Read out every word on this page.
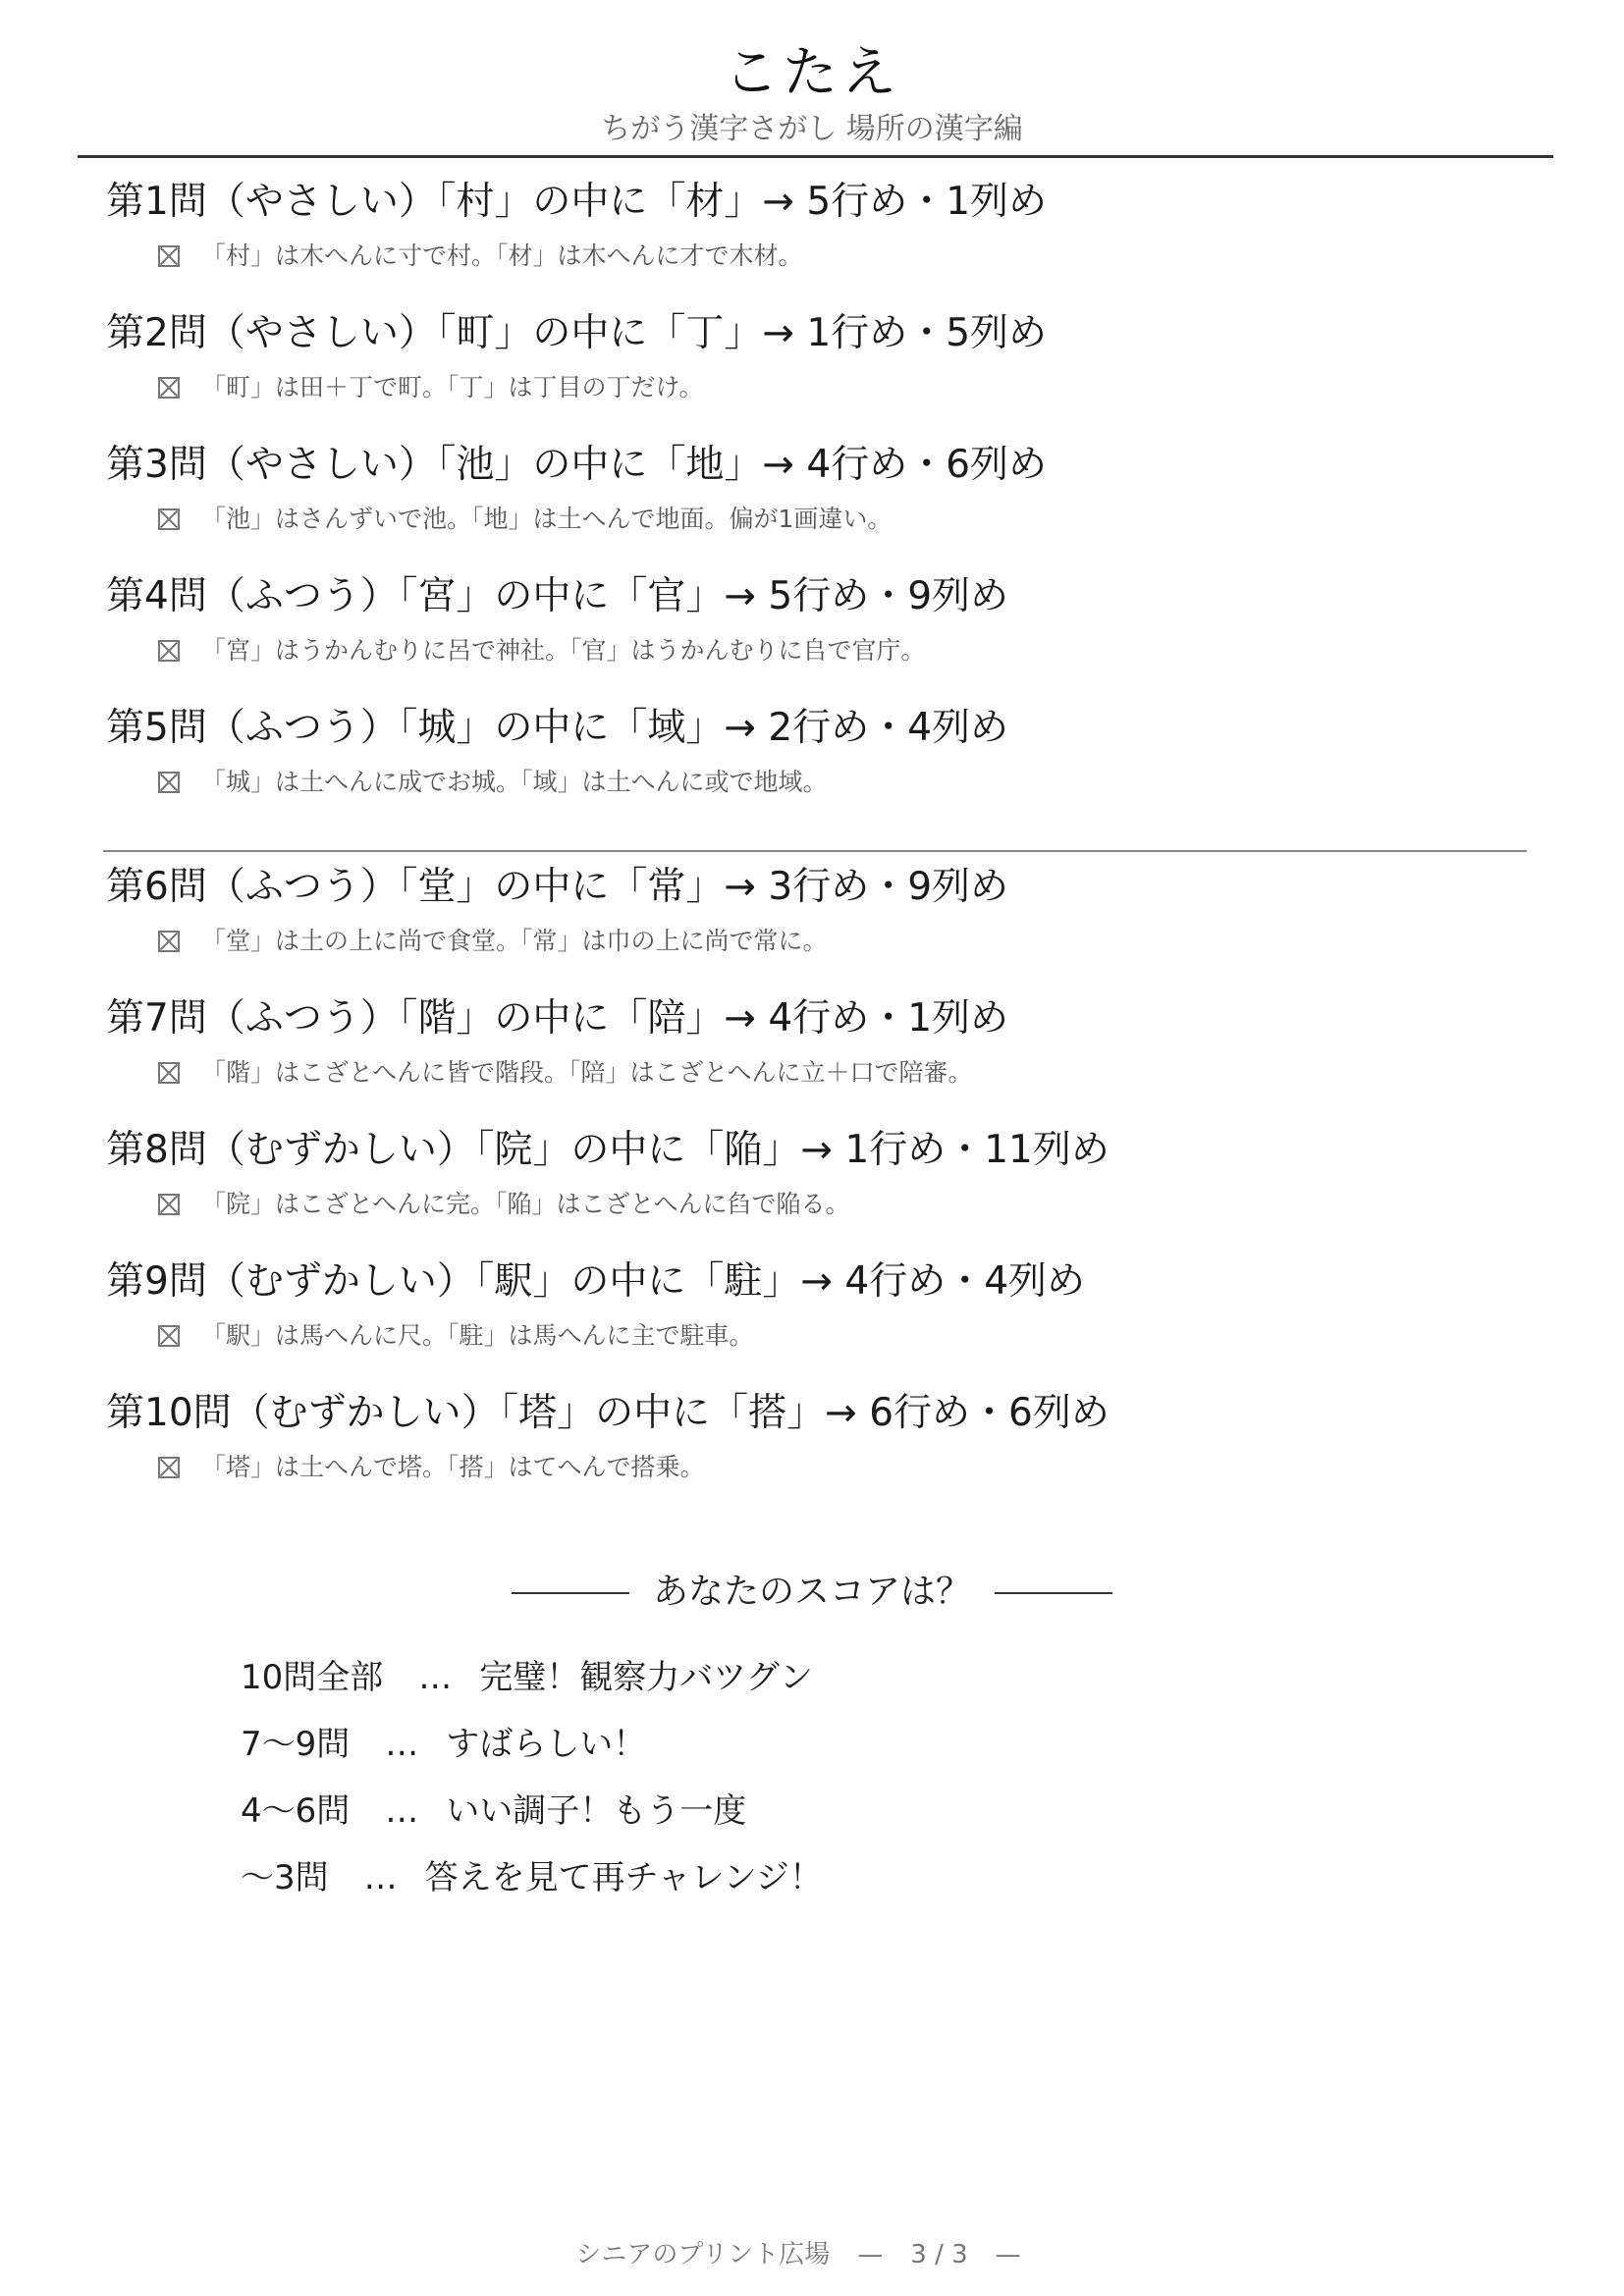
こたえ
ちがう漢字さがし 場所の漢字編
第1問（やさしい）「村」の中に「材」→ 5行め・1列め
「村」は木へんに寸で村。「材」は木へんに才で木材。
第2問（やさしい）「町」の中に「丁」→ 1行め・5列め
「町」は田＋丁で町。「丁」は丁目の丁だけ。
第3問（やさしい）「池」の中に「地」→ 4行め・6列め
「池」はさんずいで池。「地」は土へんで地面。偏が1画違い。
第4問（ふつう）「宮」の中に「官」→ 5行め・9列め
「宮」はうかんむりに呂で神社。「官」はうかんむりに𠂤で官庁。
第5問（ふつう）「城」の中に「域」→ 2行め・4列め
「城」は土へんに成でお城。「域」は土へんに或で地域。
第6問（ふつう）「堂」の中に「常」→ 3行め・9列め
「堂」は土の上に尚で食堂。「常」は巾の上に尚で常に。
第7問（ふつう）「階」の中に「陪」→ 4行め・1列め
「階」はこざとへんに皆で階段。「陪」はこざとへんに立＋口で陪審。
第8問（むずかしい）「院」の中に「陥」→ 1行め・11列め
「院」はこざとへんに完。「陥」はこざとへんに臽で陥る。
第9問（むずかしい）「駅」の中に「駐」→ 4行め・4列め
「駅」は馬へんに尺。「駐」は馬へんに主で駐車。
第10問（むずかしい）「塔」の中に「搭」→ 6行め・6列め
「塔」は土へんで塔。「搭」はてへんで搭乗。
あなたのスコアは？
10問全部 … 完璧！観察力バツグン
7〜9問 … すばらしい！
4〜6問 … いい調子！もう一度
〜3問 … 答えを見て再チャレンジ！
シニアのプリント広場 — 3 / 3 —
